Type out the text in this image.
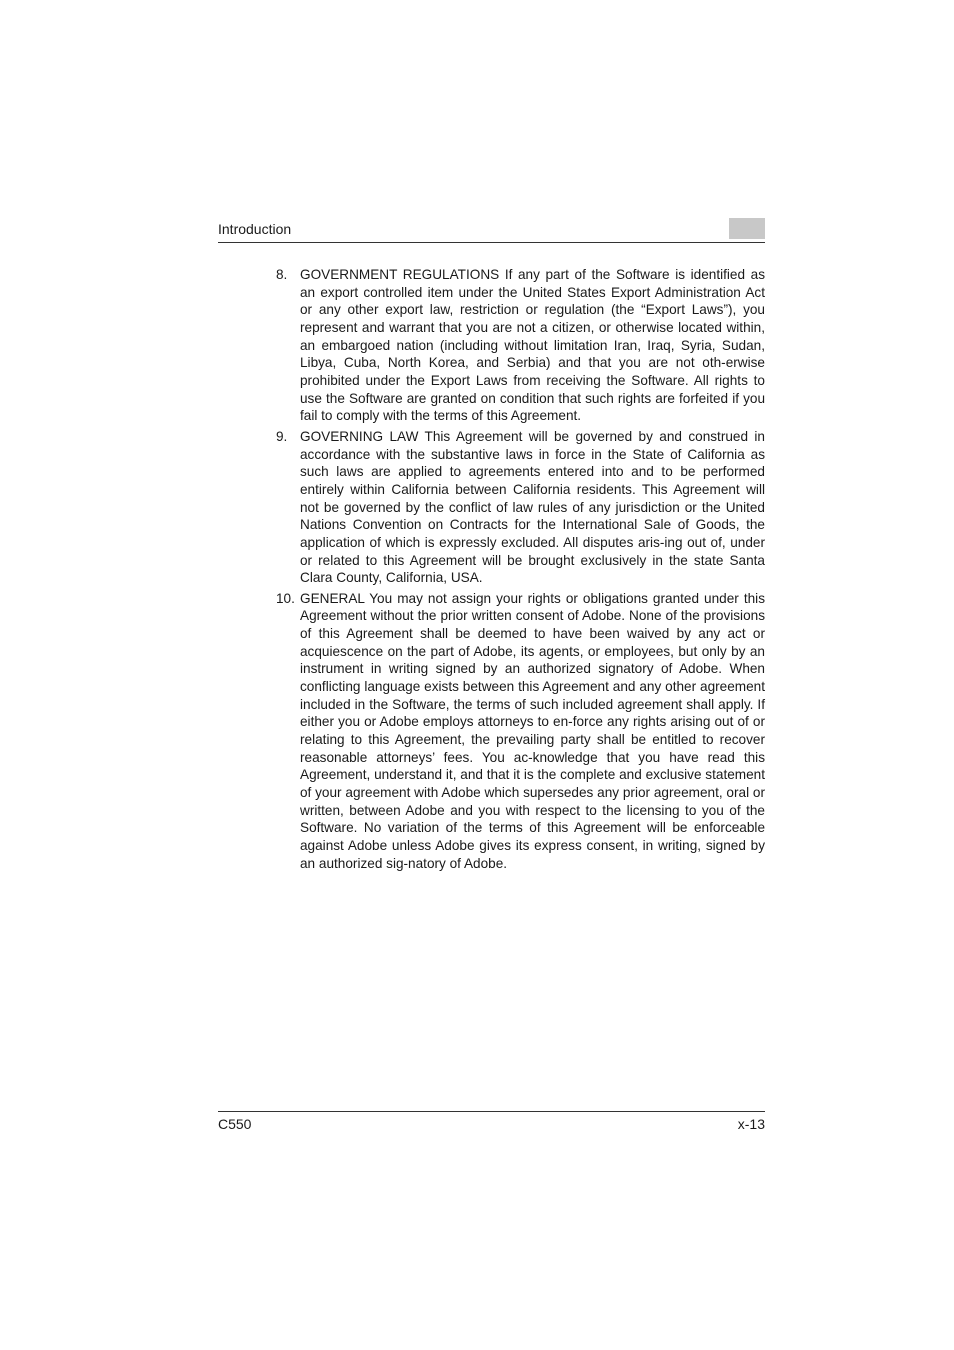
Introduction
8. GOVERNMENT REGULATIONS If any part of the Software is identified as an export controlled item under the United States Export Administration Act or any other export law, restriction or regulation (the “Export Laws”), you represent and warrant that you are not a citizen, or otherwise located within, an embargoed nation (including without limitation Iran, Iraq, Syria, Sudan, Libya, Cuba, North Korea, and Serbia) and that you are not oth-erwise prohibited under the Export Laws from receiving the Software. All rights to use the Software are granted on condition that such rights are forfeited if you fail to comply with the terms of this Agreement.
9. GOVERNING LAW This Agreement will be governed by and construed in accordance with the substantive laws in force in the State of California as such laws are applied to agreements entered into and to be performed entirely within California between California residents. This Agreement will not be governed by the conflict of law rules of any jurisdiction or the United Nations Convention on Contracts for the International Sale of Goods, the application of which is expressly excluded. All disputes aris-ing out of, under or related to this Agreement will be brought exclusively in the state Santa Clara County, California, USA.
10. GENERAL You may not assign your rights or obligations granted under this Agreement without the prior written consent of Adobe. None of the provisions of this Agreement shall be deemed to have been waived by any act or acquiescence on the part of Adobe, its agents, or employees, but only by an instrument in writing signed by an authorized signatory of Adobe. When conflicting language exists between this Agreement and any other agreement included in the Software, the terms of such included agreement shall apply. If either you or Adobe employs attorneys to en-force any rights arising out of or relating to this Agreement, the prevailing party shall be entitled to recover reasonable attorneys’ fees. You ac-knowledge that you have read this Agreement, understand it, and that it is the complete and exclusive statement of your agreement with Adobe which supersedes any prior agreement, oral or written, between Adobe and you with respect to the licensing to you of the Software. No variation of the terms of this Agreement will be enforceable against Adobe unless Adobe gives its express consent, in writing, signed by an authorized sig-natory of Adobe.
C550	x-13
